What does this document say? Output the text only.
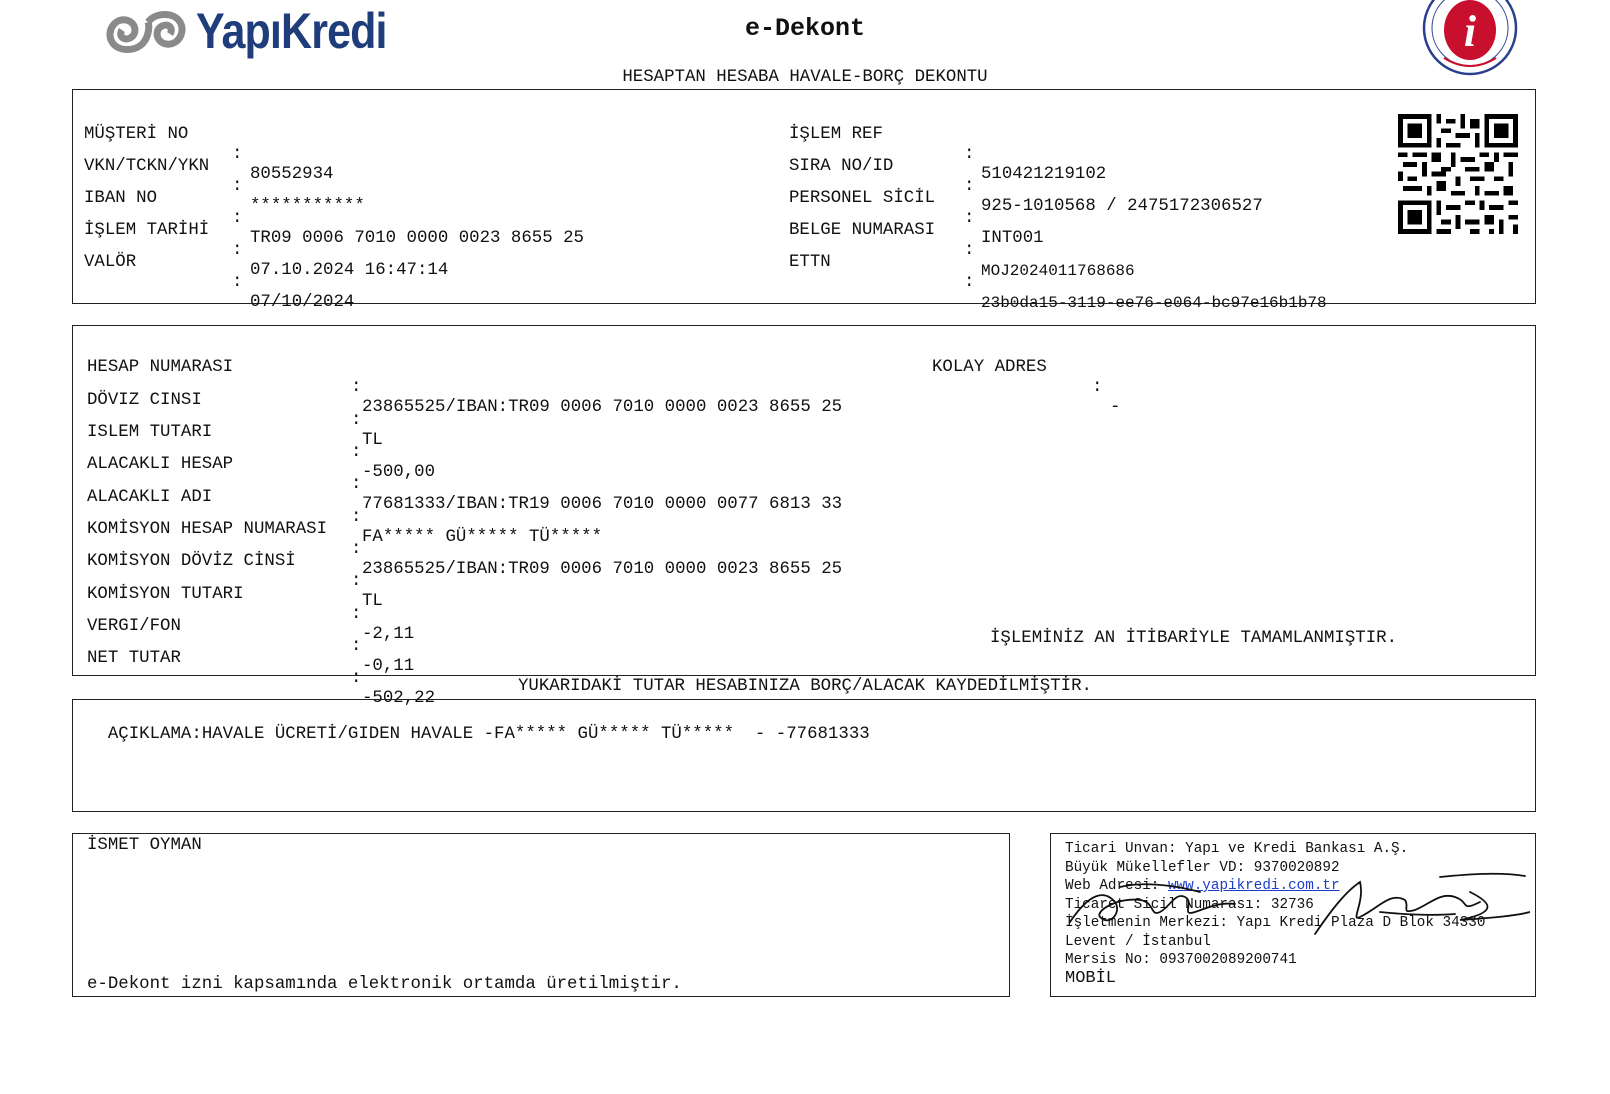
YapıKredi	e-Dekont
HESAPTAN HESABA HAVALE-BORÇ DEKONTU
i

MÜŞTERİ NO

:

80552934

VKN/TCKN/YKN

:

***********

IBAN NO

:

TR09 0006 7010 0000 0023 8655 25

İŞLEM TARİHİ

:

07.10.2024 16:47:14

VALÖR

:

07/10/2024

İŞLEM REF

:

510421219102

SIRA NO/ID

:

925-1010568 / 2475172306527

PERSONEL SİCİL

:

INT001

BELGE NUMARASI

:

MOJ2024011768686

ETTN

:

23b0da15-3119-ee76-e064-bc97e16b1b78

HESAP NUMARASI

:

23865525/IBAN:TR09 0006 7010 0000 0023 8655 25

DÖVIZ CINSI

:

TL

ISLEM TUTARI

:

-500,00

ALACAKLI HESAP

:

77681333/IBAN:TR19 0006 7010 0000 0077 6813 33

ALACAKLI ADI

:

FA***** GÜ***** TÜ*****

KOMİSYON HESAP NUMARASI

:

23865525/IBAN:TR09 0006 7010 0000 0023 8655 25

KOMİSYON DÖVİZ CİNSİ

:

TL

KOMİSYON TUTARI

:

-2,11

VERGI/FON

:

-0,11

NET TUTAR

:

-502,22

KOLAY ADRES

:

-

İŞLEMİNİZ AN İTİBARİYLE TAMAMLANMIŞTIR.
YUKARIDAKİ TUTAR HESABINIZA BORÇ/ALACAK KAYDEDİLMİŞTİR.

AÇIKLAMA:HAVALE ÜCRETİ/GIDEN HAVALE -FA***** GÜ***** TÜ*****  - -77681333

İSMET OYMAN
e-Dekont izni kapsamında elektronik ortamda üretilmiştir.

Ticari Unvan: Yapı ve Kredi Bankası A.Ş.

Büyük Mükellefler VD: 9370020892

Web Adresi: www.yapikredi.com.tr

Ticaret Sicil Numarası: 32736

İşletmenin Merkezi: Yapı Kredi Plaza D Blok 34330

Levent / İstanbul

Mersis No: 0937002089200741

MOBİL
